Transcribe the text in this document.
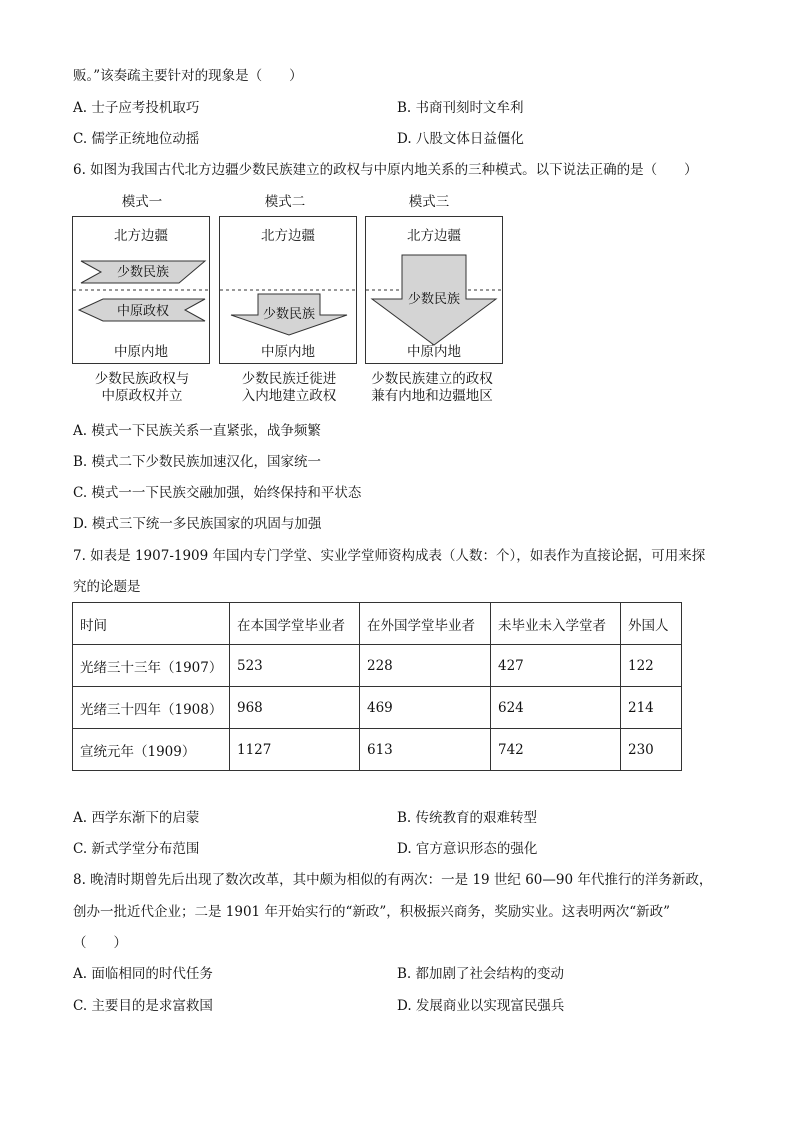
贩。”该奏疏主要针对的现象是（　　）
A. 士子应考投机取巧	B. 书商刊刻时文牟利
C. 儒学正统地位动摇	D. 八股文体日益僵化
6. 如图为我国古代北方边疆少数民族建立的政权与中原内地关系的三种模式。以下说法正确的是（　　）
模式一
少数民族
中原政权
北方边疆
中原内地
少数民族政权与
中原政权并立
模式二
少数民族
北方边疆
中原内地
少数民族迁徙进
入内地建立政权
模式三
少数民族
北方边疆
中原内地
少数民族建立的政权
兼有内地和边疆地区
A. 模式一下民族关系一直紧张，战争频繁
B. 模式二下少数民族加速汉化，国家统一
C. 模式一一下民族交融加强，始终保持和平状态
D. 模式三下统一多民族国家的巩固与加强
7. 如表是 1907-1909 年国内专门学堂、实业学堂师资构成表（人数：个），如表作为直接论据，可用来探
究的论题是
时间	在本国学堂毕业者	在外国学堂毕业者	未毕业未入学堂者	外国人
光绪三十三年（1907）	523	228	427	122
光绪三十四年（1908）	968	469	624	214
宣统元年（1909）	1127	613	742	230
A. 西学东渐下的启蒙	B. 传统教育的艰难转型
C. 新式学堂分布范围	D. 官方意识形态的强化
8. 晚清时期曾先后出现了数次改革，其中颇为相似的有两次：一是 19 世纪 60—90 年代推行的洋务新政，
创办一批近代企业；二是 1901 年开始实行的“新政”，积极振兴商务，奖励实业。这表明两次“新政”
（　　）
A. 面临相同的时代任务	B. 都加剧了社会结构的变动
C. 主要目的是求富救国	D. 发展商业以实现富民强兵
